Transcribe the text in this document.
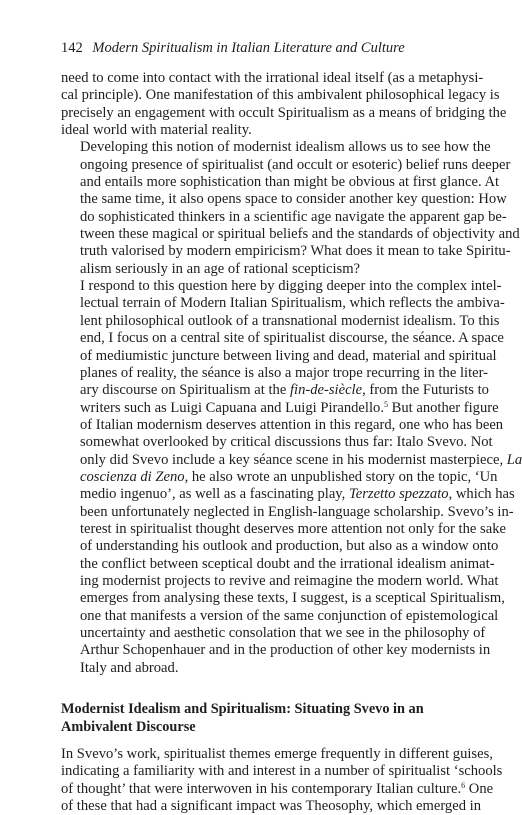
142 Modern Spiritualism in Italian Literature and Culture

need to come into contact with the irrational ideal itself (as a metaphysi-
cal principle). One manifestation of this ambivalent philosophical legacy is
precisely an engagement with occult Spiritualism as a means of bridging the
ideal world with material reality.

Developing this notion of modernist idealism allows us to see how the
ongoing presence of spiritualist (and occult or esoteric) belief runs deeper
and entails more sophistication than might be obvious at first glance. At
the same time, it also opens space to consider another key question: How
do sophisticated thinkers in a scientific age navigate the apparent gap be-
tween these magical or spiritual beliefs and the standards of objectivity and
truth valorised by modern empiricism? What does it mean to take Spiritu-
alism seriously in an age of rational scepticism?

I respond to this question here by digging deeper into the complex intel-
lectual terrain of Modern Italian Spiritualism, which reflects the ambiva-
lent philosophical outlook of a transnational modernist idealism. To this
end, I focus on a central site of spiritualist discourse, the séance. A space
of mediumistic juncture between living and dead, material and spiritual
planes of reality, the séance is also a major trope recurring in the liter-
ary discourse on Spiritualism at the fin-de-siècle, from the Futurists to
writers such as Luigi Capuana and Luigi Pirandello.$^5$ But another figure
of Italian modernism deserves attention in this regard, one who has been
somewhat overlooked by critical discussions thus far: Italo Svevo. Not
only did Svevo include a key séance scene in his modernist masterpiece, La
coscienza di Zeno, he also wrote an unpublished story on the topic, ‘Un
medio ingenuo’, as well as a fascinating play, Terzetto spezzato, which has
been unfortunately neglected in English-language scholarship. Svevo’s in-
terest in spiritualist thought deserves more attention not only for the sake
of understanding his outlook and production, but also as a window onto
the conflict between sceptical doubt and the irrational idealism animat-
ing modernist projects to revive and reimagine the modern world. What
emerges from analysing these texts, I suggest, is a sceptical Spiritualism,
one that manifests a version of the same conjunction of epistemological
uncertainty and aesthetic consolation that we see in the philosophy of
Arthur Schopenhauer and in the production of other key modernists in
Italy and abroad.

Modernist Idealism and Spiritualism: Situating Svevo in an
Ambivalent Discourse

In Svevo’s work, spiritualist themes emerge frequently in different guises,
indicating a familiarity with and interest in a number of spiritualist ‘schools
of thought’ that were interwoven in his contemporary Italian culture.$^6$ One
of these that had a significant impact was Theosophy, which emerged in
